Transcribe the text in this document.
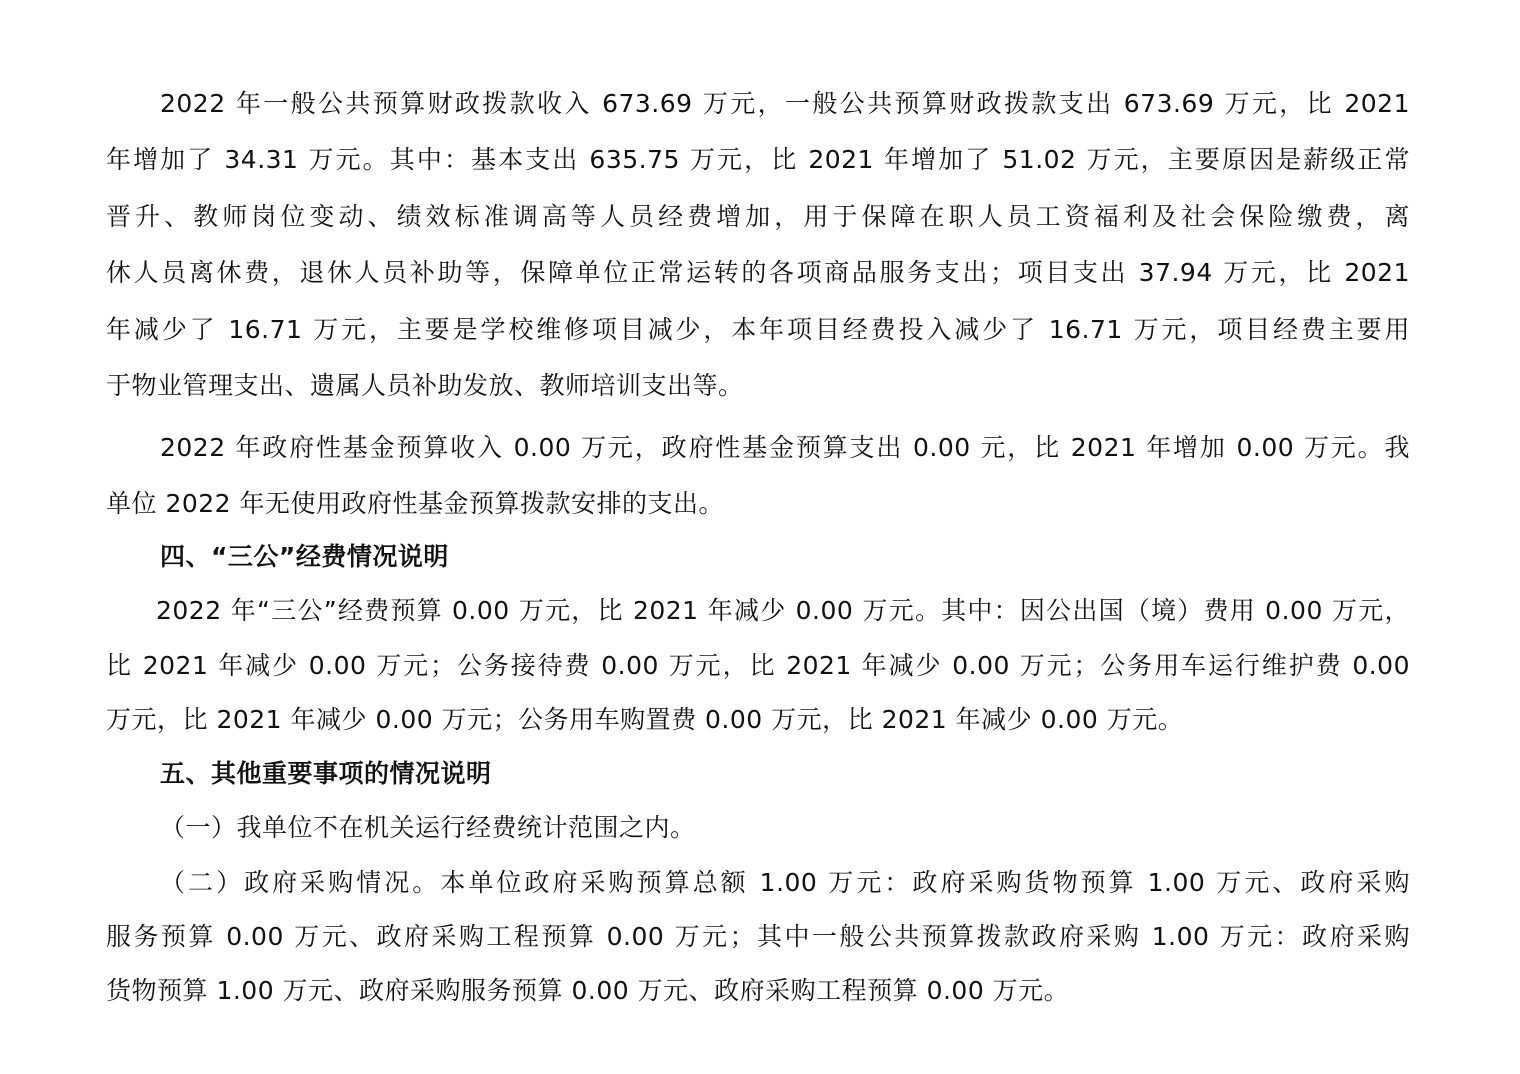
2022 年一般公共预算财政拨款收入 673.69 万元，一般公共预算财政拨款支出 673.69 万元，比 2021
年增加了 34.31 万元。其中：基本支出 635.75 万元，比 2021 年增加了 51.02 万元，主要原因是薪级正常
晋升、教师岗位变动、绩效标准调高等人员经费增加，用于保障在职人员工资福利及社会保险缴费，离
休人员离休费，退休人员补助等，保障单位正常运转的各项商品服务支出；项目支出 37.94 万元，比 2021
年减少了 16.71 万元，主要是学校维修项目减少，本年项目经费投入减少了 16.71 万元，项目经费主要用
于物业管理支出、遗属人员补助发放、教师培训支出等。
2022 年政府性基金预算收入 0.00 万元，政府性基金预算支出 0.00 元，比 2021 年增加 0.00 万元。我
单位 2022 年无使用政府性基金预算拨款安排的支出。
四、“三公”经费情况说明
2022 年“三公”经费预算 0.00 万元，比 2021 年减少 0.00 万元。其中：因公出国（境）费用 0.00 万元，
比 2021 年减少 0.00 万元；公务接待费 0.00 万元，比 2021 年减少 0.00 万元；公务用车运行维护费 0.00
万元，比 2021 年减少 0.00 万元；公务用车购置费 0.00 万元，比 2021 年减少 0.00 万元。
五、其他重要事项的情况说明
（一）我单位不在机关运行经费统计范围之内。
（二）政府采购情况。本单位政府采购预算总额 1.00 万元：政府采购货物预算 1.00 万元、政府采购
服务预算 0.00 万元、政府采购工程预算 0.00 万元；其中一般公共预算拨款政府采购 1.00 万元：政府采购
货物预算 1.00 万元、政府采购服务预算 0.00 万元、政府采购工程预算 0.00 万元。
